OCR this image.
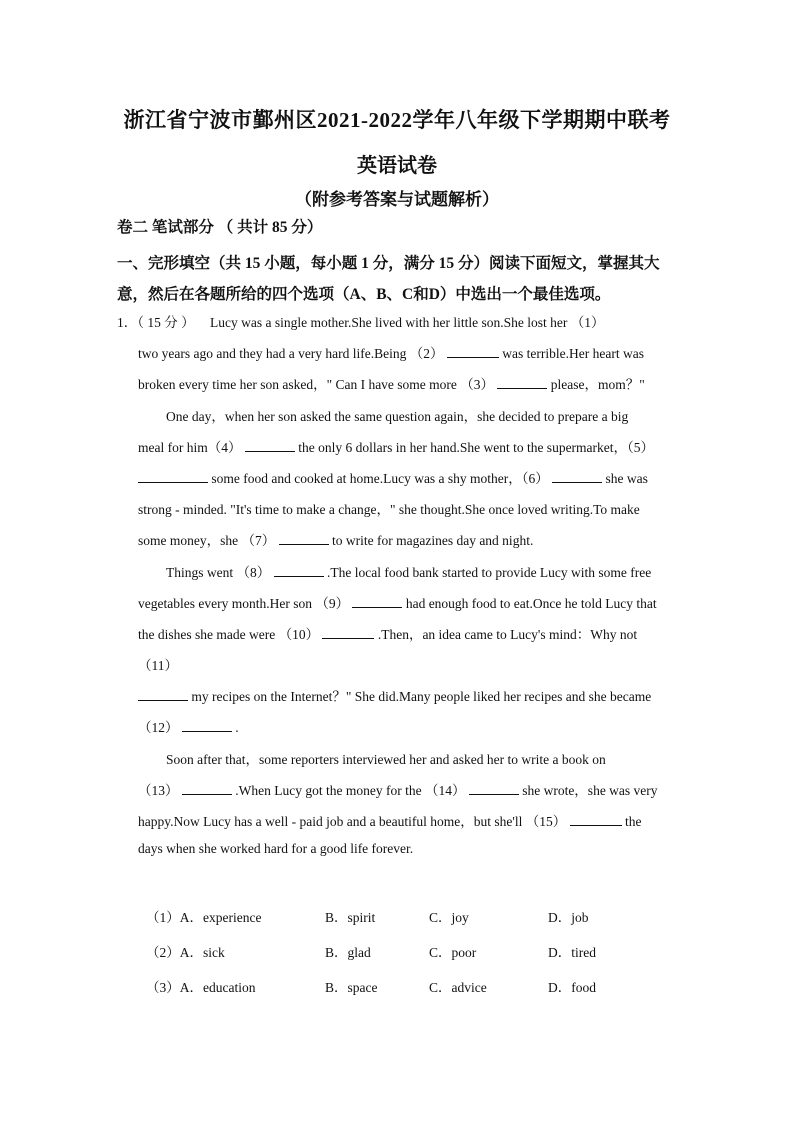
浙江省宁波市鄞州区2021-2022学年八年级下学期期中联考
英语试卷
（附参考答案与试题解析）
卷二 笔试部分 （ 共计 85 分）
一、完形填空（共 15 小题，每小题 1 分，满分 15 分）阅读下面短文，掌握其大意，然后在各题所给的四个选项（A、B、C和D）中选出一个最佳选项。
1．（ 15 分 ） Lucy was a single mother.She lived with her little son.She lost her （1）
two years ago and they had a very hard life.Being （2）	was terrible.Her heart was
broken every time her son asked，" Can I have some more （3）	please，mom？"
One day，when her son asked the same question again，she decided to prepare a big
meal for him（4）	the only 6 dollars in her hand.She went to the supermarket，（5）
some food and cooked at home.Lucy was a shy mother，（6）	she was
strong - minded. "It's time to make a change，" she thought.She once loved writing.To make
some money，she （7）	to write for magazines day and night.
Things went （8）	.The local food bank started to provide Lucy with some free
vegetables every month.Her son （9）	had enough food to eat.Once he told Lucy that
the dishes she made were （10）	.Then，an idea came to Lucy's mind：Why not
（11）
my recipes on the Internet？" She did.Many people liked her recipes and she became
（12）	.
Soon after that，some reporters interviewed her and asked her to write a book on
（13）	.When Lucy got the money for the （14）	she wrote，she was very
happy.Now Lucy has a well - paid job and a beautiful home，but she'll （15）	the
days when she worked hard for a good life forever.
（1）A．experience	B．spirit	C．joy	D．job
（2）A．sick	B．glad	C．poor	D．tired
（3）A．education	B．space	C．advice	D．food
